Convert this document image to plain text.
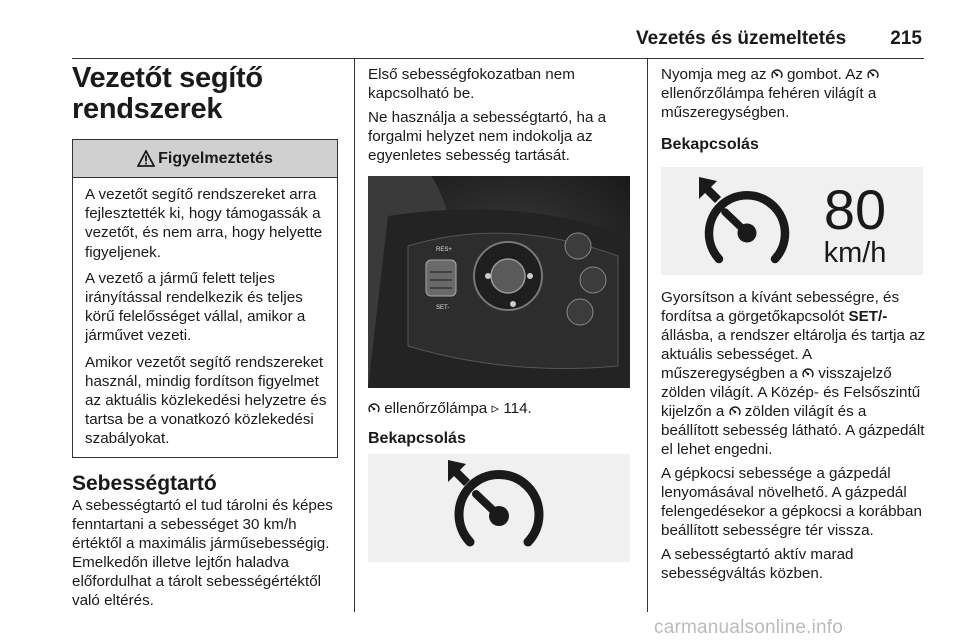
Vezetés és üzemeltetés 215
Vezetőt segítő
rendszerek
Figyelmeztetés

A vezetőt segítő rendszereket arra fejlesztették ki, hogy támogassák a vezetőt, és nem arra, hogy helyette figyeljenek.

A vezető a jármű felett teljes irányítással rendelkezik és teljes körű felelősséget vállal, amikor a járművet vezeti.

Amikor vezetőt segítő rendszereket használ, mindig fordítson figyelmet az aktuális közlekedési helyzetre és tartsa be a vonatkozó közlekedési szabályokat.

Sebességtartó

A sebességtartó el tud tárolni és képes fenntartani a sebességet 30 km/h értéktől a maximális járműsebességig. Emelkedőn illetve lejtőn haladva előfordulhat a tárolt sebességértéktől való eltérés.

Első sebességfokozatban nem kapcsolható be.

Ne használja a sebességtartó, ha a forgalmi helyzet nem indokolja az egyenletes sebesség tartását.

RES+
SET-
ellenőrzőlámpa ▹ 114.
Bekapcsolás

Nyomja meg az gombot. Az  ellenőrzőlámpa fehéren világít a műszeregységben.

Bekapcsolás
80
km/h

Gyorsítson a kívánt sebességre, és fordítsa a görgetőkapcsolót SET/- állásba, a rendszer eltárolja és tartja az aktuális sebességet. A műszeregységben a visszajelző zölden világít. A Közép- és Felsőszintű kijelzőn a zölden világít és a beállított sebesség látható. A gázpedált el lehet engedni.

A gépkocsi sebessége a gázpedál lenyomásával növelhető. A gázpedál felengedésekor a gépkocsi a korábban beállított sebességre tér vissza.

A sebességtartó aktív marad sebességváltás közben.

carmanualsonline.info
